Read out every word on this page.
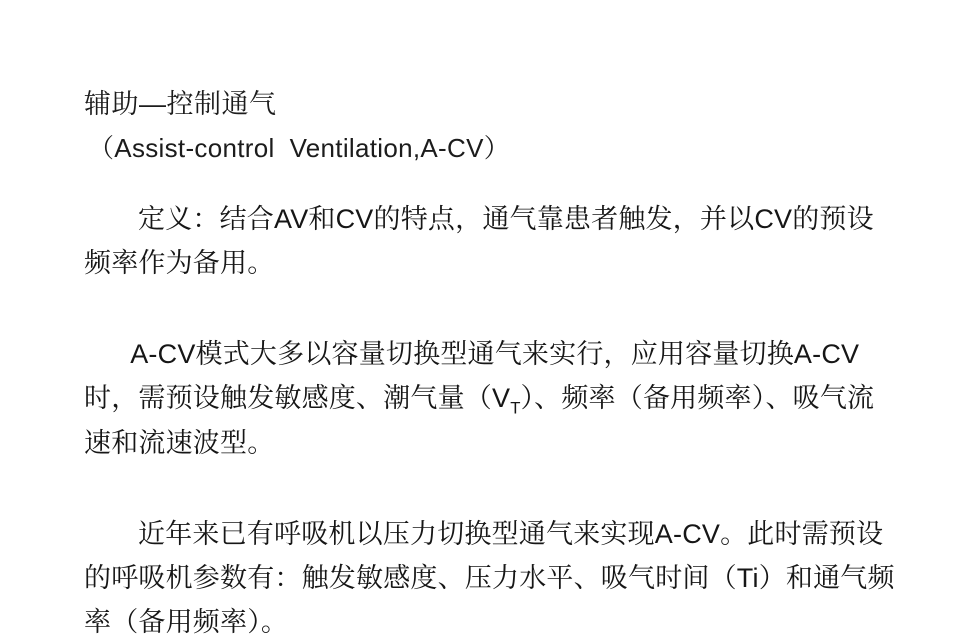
辅助—控制通气
（Assist-control  Ventilation,A-CV）

定义：结合AV和CV的特点，通气靠患者触发，并以CV的预设频率作为备用。

A-CV模式大多以容量切换型通气来实行，应用容量切换A-CV时，需预设触发敏感度、潮气量$(V_T)$、频率（备用频率）、吸气流速和流速波型。

近年来已有呼吸机以压力切换型通气来实现A-CV。此时需预设的呼吸机参数有：触发敏感度、压力水平、吸气时间（Ti）和通气频率（备用频率）。
